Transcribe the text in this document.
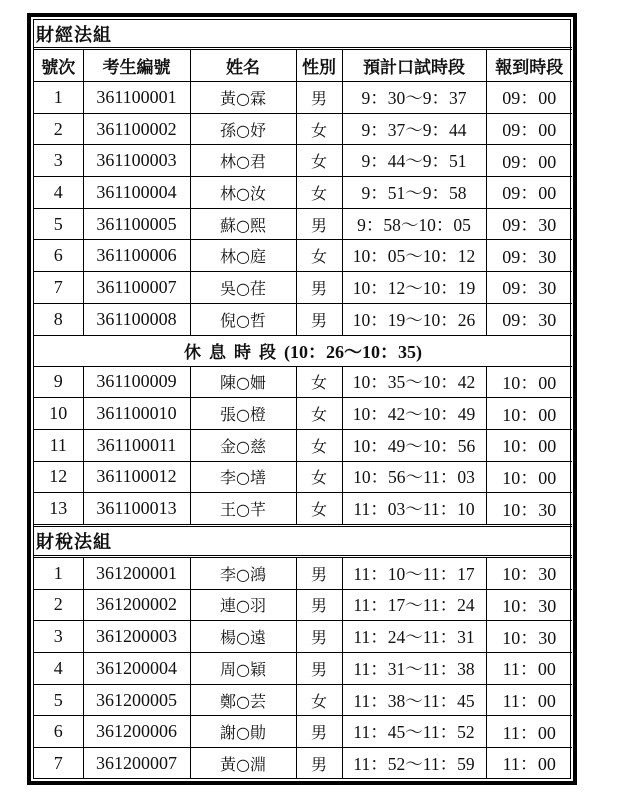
財經法組					
號次	考生編號	姓名	性別	預計口試時段	報到時段
1	361100001	黃○霖	男	9：30～9：37	09：00
2	361100002	孫○妤	女	9：37～9：44	09：00
3	361100003	林○君	女	9：44～9：51	09：00
4	361100004	林○汝	女	9：51～9：58	09：00
5	361100005	蘇○熙	男	9：58～10：05	09：30
6	361100006	林○庭	女	10：05～10：12	09：30
7	361100007	吳○荏	男	10：12～10：19	09：30
8	361100008	倪○哲	男	10：19～10：26	09：30
休息時段(10：26～10：35)					
9	361100009	陳○姍	女	10：35～10：42	10：00
10	361100010	張○橙	女	10：42～10：49	10：00
11	361100011	金○慈	女	10：49～10：56	10：00
12	361100012	李○墡	女	10：56～11：03	10：00
13	361100013	王○芊	女	11：03～11：10	10：30
財稅法組					
1	361200001	李○鴻	男	11：10～11：17	10：30
2	361200002	連○羽	男	11：17～11：24	10：30
3	361200003	楊○遠	男	11：24～11：31	10：30
4	361200004	周○穎	男	11：31～11：38	11：00
5	361200005	鄭○芸	女	11：38～11：45	11：00
6	361200006	謝○勛	男	11：45～11：52	11：00
7	361200007	黃○淵	男	11：52～11：59	11：00
